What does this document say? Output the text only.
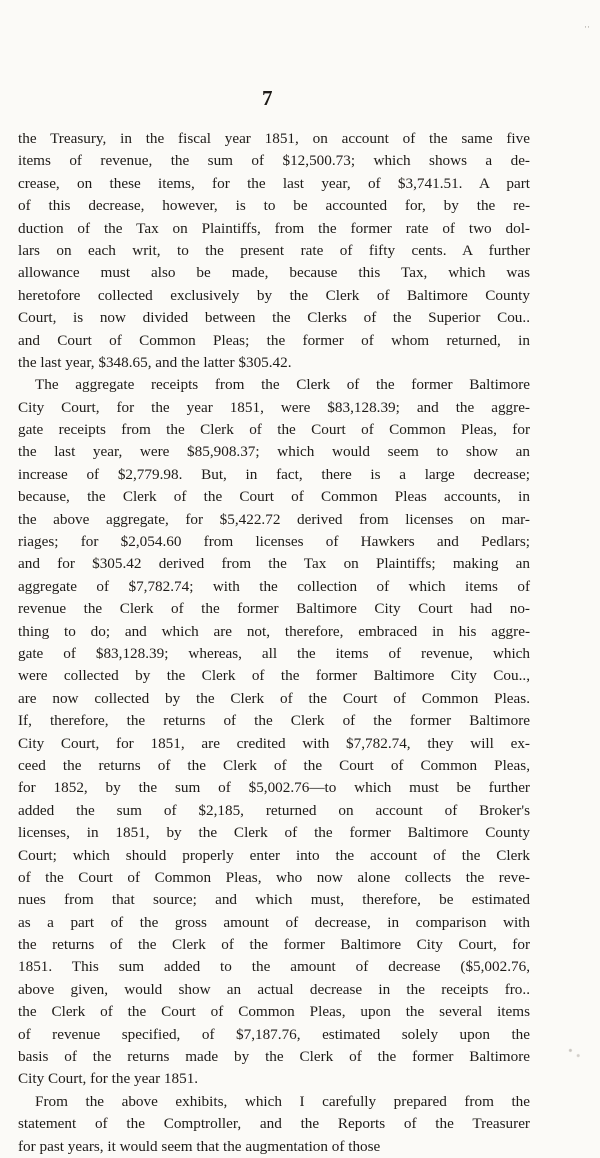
··
7
the Treasury, in the fiscal year 1851, on account of the same five
items of revenue, the sum of $12,500.73; which shows a de-
crease, on these items, for the last year, of $3,741.51. A part
of this decrease, however, is to be accounted for, by the re-
duction of the Tax on Plaintiffs, from the former rate of two dol-
lars on each writ, to the present rate of fifty cents. A further
allowance must also be made, because this Tax, which was
heretofore collected exclusively by the Clerk of Baltimore County
Court, is now divided between the Clerks of the Superior Cou..
and Court of Common Pleas; the former of whom returned, in
the last year, $348.65, and the latter $305.42.
The aggregate receipts from the Clerk of the former Baltimore
City Court, for the year 1851, were $83,128.39; and the aggre-
gate receipts from the Clerk of the Court of Common Pleas, for
the last year, were $85,908.37; which would seem to show an
increase of $2,779.98. But, in fact, there is a large decrease;
because, the Clerk of the Court of Common Pleas accounts, in
the above aggregate, for $5,422.72 derived from licenses on mar-
riages; for $2,054.60 from licenses of Hawkers and Pedlars;
and for $305.42 derived from the Tax on Plaintiffs; making an
aggregate of $7,782.74; with the collection of which items of
revenue the Clerk of the former Baltimore City Court had no-
thing to do; and which are not, therefore, embraced in his aggre-
gate of $83,128.39; whereas, all the items of revenue, which
were collected by the Clerk of the former Baltimore City Cou..,
are now collected by the Clerk of the Court of Common Pleas.
If, therefore, the returns of the Clerk of the former Baltimore
City Court, for 1851, are credited with $7,782.74, they will ex-
ceed the returns of the Clerk of the Court of Common Pleas,
for 1852, by the sum of $5,002.76—to which must be further
added the sum of $2,185, returned on account of Broker's
licenses, in 1851, by the Clerk of the former Baltimore County
Court; which should properly enter into the account of the Clerk
of the Court of Common Pleas, who now alone collects the reve-
nues from that source; and which must, therefore, be estimated
as a part of the gross amount of decrease, in comparison with
the returns of the Clerk of the former Baltimore City Court, for
1851. This sum added to the amount of decrease ($5,002.76,
above given, would show an actual decrease in the receipts fro..
the Clerk of the Court of Common Pleas, upon the several items
of revenue specified, of $7,187.76, estimated solely upon the
basis of the returns made by the Clerk of the former Baltimore
City Court, for the year 1851.
From the above exhibits, which I carefully prepared from the
statement of the Comptroller, and the Reports of the Treasurer
for past years, it would seem that the augmentation of those
